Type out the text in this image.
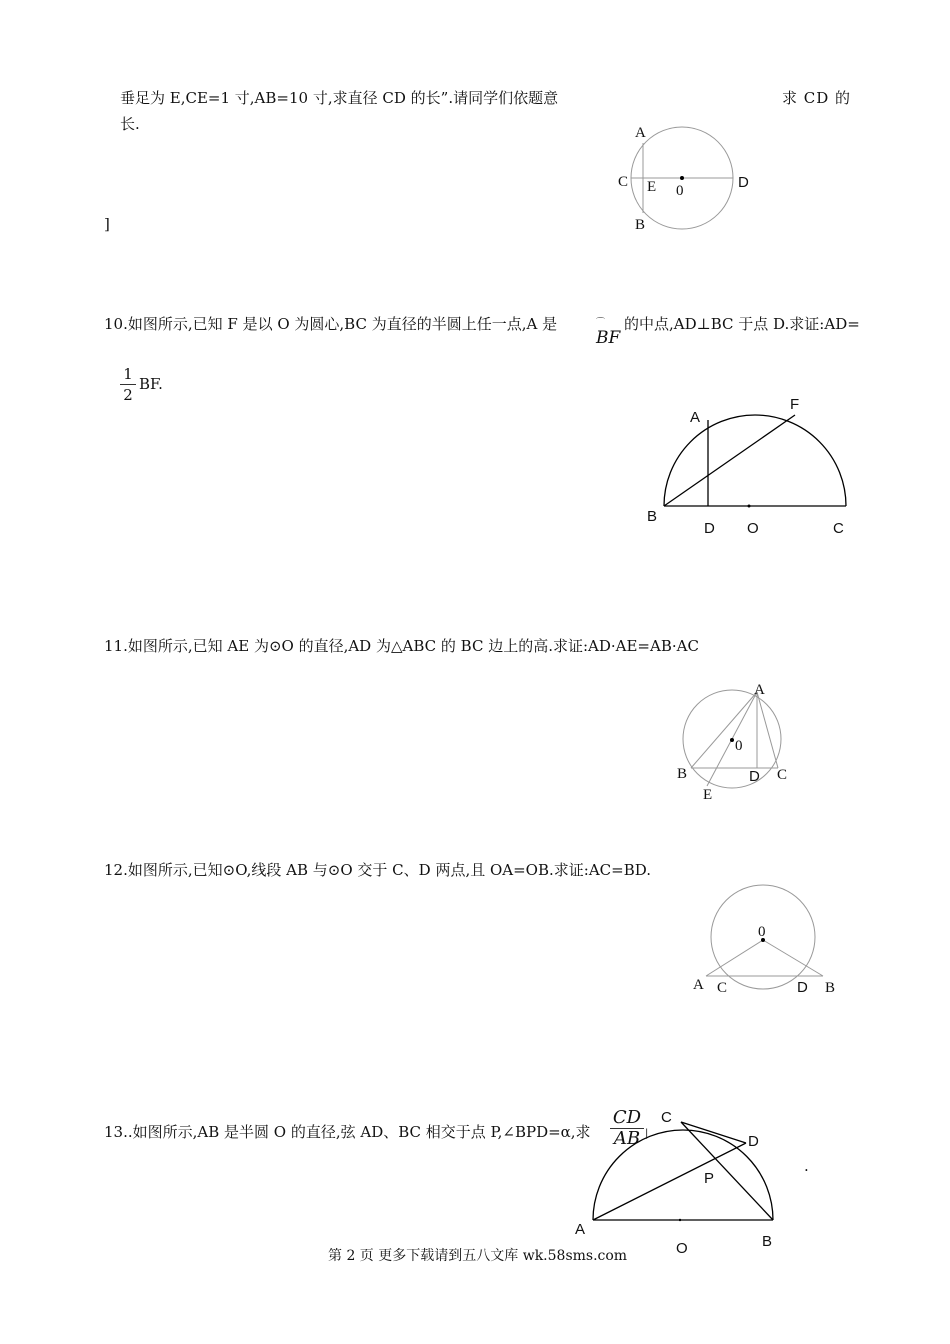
垂足为 E,CE=1 寸,AB=10 寸,求直径 CD 的长”.请同学们依题意	求 CD 的
长.
]
A
C E 0	D
B
10.如图所示,已知 F 是以 O 为圆心,BC 为直径的半圆上任一点,A 是	⌒
BF
的中点,AD⊥BC 于点 D.求证:AD=
$\frac{1}{2}$ BF.
A
F
B
D O	C
11.如图所示,已知 AE 为⊙O 的直径,AD 为△ABC 的 BC 边上的高.求证:AD·AE=AB·AC
A
0
B	D C
E
12.如图所示,已知⊙O,线段 AB 与⊙O 交于 C、D 两点,且 OA=OB.求证:AC=BD.
0
A C	D B
13..如图所示,AB 是半圆 O 的直径,弦 AD、BC 相交于点 P,∠BPD=α,求 $\frac{CD}{AB}$ |
.
C
D
P
A
O	B
第 2 页 更多下载请到五八文库 wk.58sms.com
